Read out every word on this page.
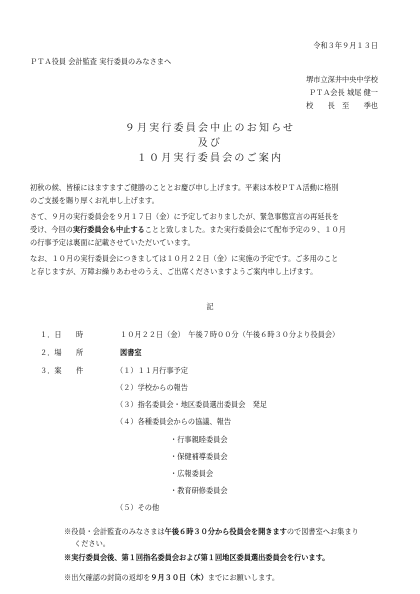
令和３年９月１３日
ＰＴＡ役員 会計監査 実行委員のみなさまへ
堺市立深井中央中学校
ＰＴＡ会長 城尾 健一
校　　長　至　　季也
９月実行委員会中止のお知らせ
及び
１０月実行委員会のご案内
初秋の候、皆様にはますますご健勝のこととお慶び申し上げます。平素は本校ＰＴＡ活動に格別
のご支援を賜り厚くお礼申し上げます。
さて、９月の実行委員会を９月１７日（金）に予定しておりましたが、緊急事態宣言の再延長を
受け、今回の実行委員会も中止することと致しました。また実行委員会にて配布予定の９、１０月
の行事予定は裏面に記載させていただいています。
なお、１０月の実行委員会につきましては１０月２２日（金）に実施の予定です。ご多用のこと
と存じますが、万障お繰りあわせのうえ、ご出席くださいますようご案内申し上げます。
記
１．日　　時	１０月２２日（金）　午後７時００分（午後６時３０分より役員会）
２．場　　所	図書室
３．案　　件	（１）１１月行事予定
（２）学校からの報告
（３）指名委員会・地区委員選出委員会　発足
（４）各種委員会からの協議、報告
・行事親睦委員会
・保健補導委員会
・広報委員会
・教育研修委員会
（５）その他
※役員・会計監査のみなさまは午後６時３０分から役員会を開きますので図書室へお集まり
ください。
※実行委員会後、第１回指名委員会および第１回地区委員選出委員会を行います。
※出欠確認の封筒の返却を９月３０日（木）までにお願いします。
